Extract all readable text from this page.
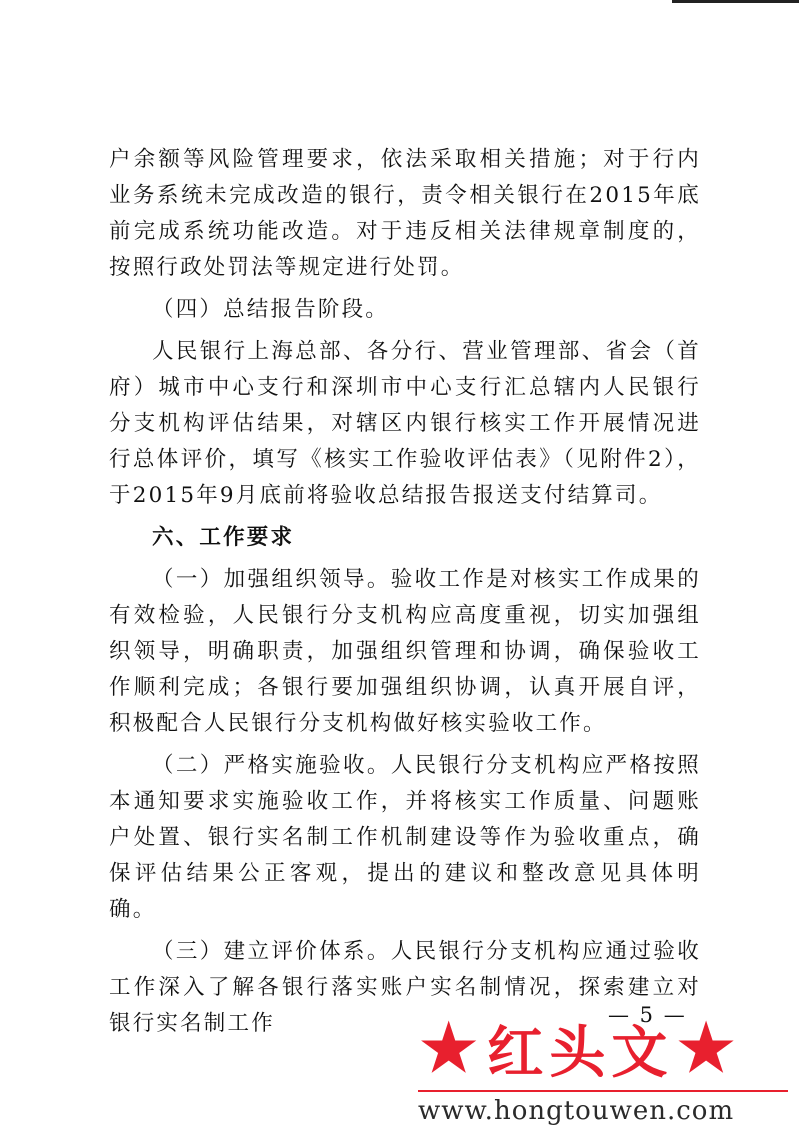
户余额等风险管理要求，依法采取相关措施；对于行内业务系统未完成改造的银行，责令相关银行在2015年底前完成系统功能改造。对于违反相关法律规章制度的，按照行政处罚法等规定进行处罚。

（四）总结报告阶段。

人民银行上海总部、各分行、营业管理部、省会（首府）城市中心支行和深圳市中心支行汇总辖内人民银行分支机构评估结果，对辖区内银行核实工作开展情况进行总体评价，填写《核实工作验收评估表》（见附件2），于2015年9月底前将验收总结报告报送支付结算司。

六、工作要求

（一）加强组织领导。验收工作是对核实工作成果的有效检验，人民银行分支机构应高度重视，切实加强组织领导，明确职责，加强组织管理和协调，确保验收工作顺利完成；各银行要加强组织协调，认真开展自评，积极配合人民银行分支机构做好核实验收工作。

（二）严格实施验收。人民银行分支机构应严格按照本通知要求实施验收工作，并将核实工作质量、问题账户处置、银行实名制工作机制建设等作为验收重点，确保评估结果公正客观，提出的建议和整改意见具体明确。

（三）建立评价体系。人民银行分支机构应通过验收工作深入了解各银行落实账户实名制情况，探索建立对银行实名制工作	— 5 —
★ 红头文 ★
www.hongtouwen.com
